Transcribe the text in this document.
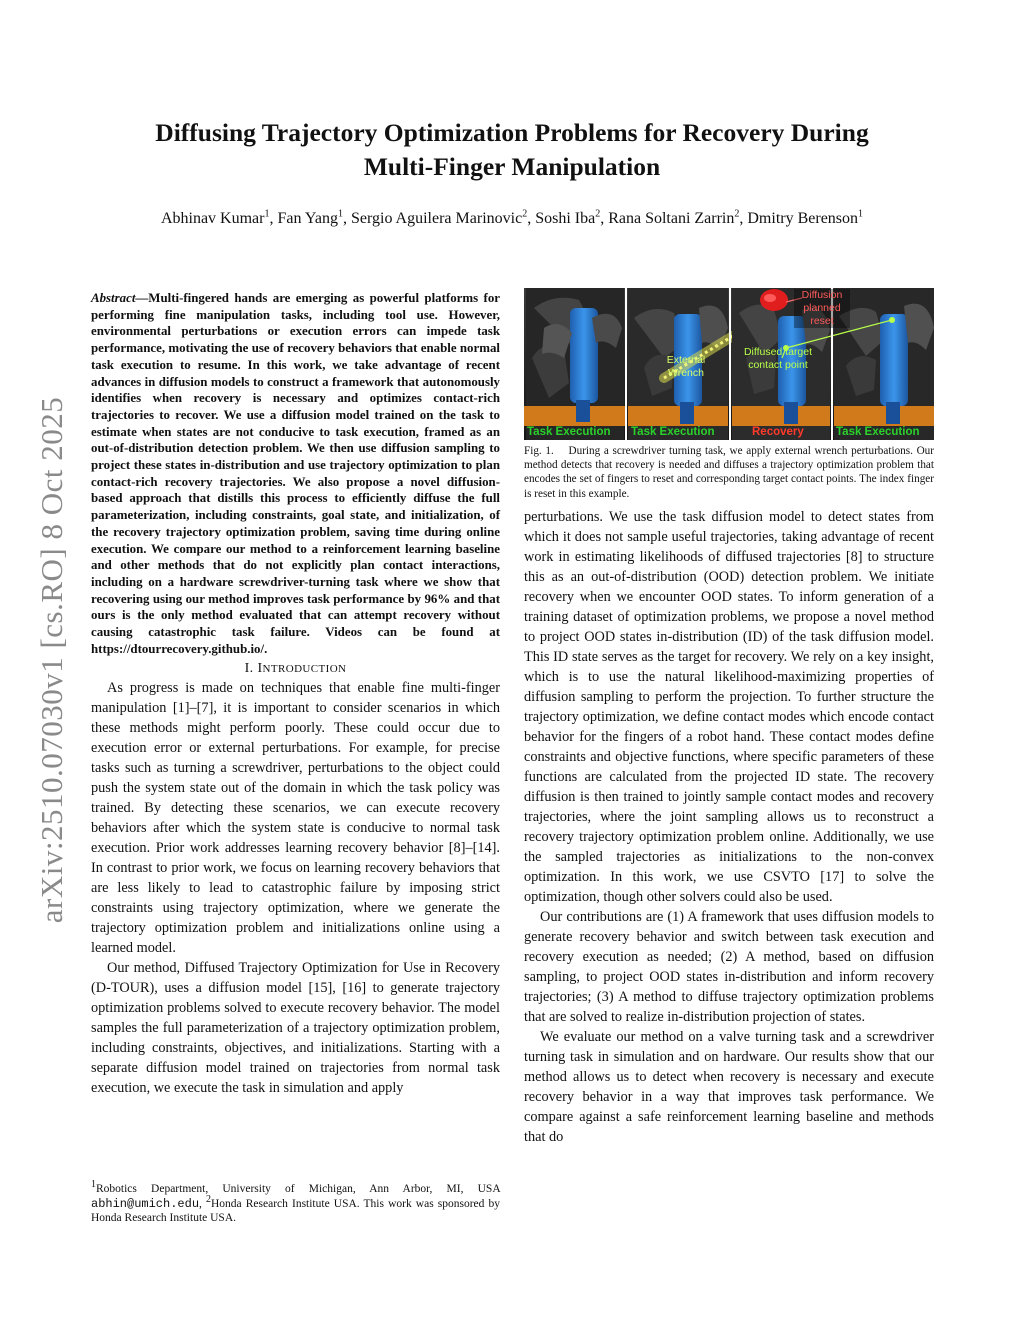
Diffusing Trajectory Optimization Problems for Recovery During
Multi-Finger Manipulation

Abhinav Kumar$^1$, Fan Yang$^1$, Sergio Aguilera Marinovic$^2$, Soshi Iba$^2$, Rana Soltani Zarrin$^2$, Dmitry Berenson$^1$

arXiv:2510.07030v1 [cs.RO] 8 Oct 2025

Abstract—Multi-fingered hands are emerging as powerful platforms for performing fine manipulation tasks, including tool use. However, environmental perturbations or execution errors can impede task performance, motivating the use of recovery behaviors that enable normal task execution to resume. In this work, we take advantage of recent advances in diffusion models to construct a framework that autonomously identifies when recovery is necessary and optimizes contact-rich trajectories to recover. We use a diffusion model trained on the task to estimate when states are not conducive to task execution, framed as an out-of-distribution detection problem. We then use diffusion sampling to project these states in-distribution and use trajectory optimization to plan contact-rich recovery trajectories. We also propose a novel diffusion-based approach that distills this process to efficiently diffuse the full parameterization, including constraints, goal state, and initialization, of the recovery trajectory optimization problem, saving time during online execution. We compare our method to a reinforcement learning baseline and other methods that do not explicitly plan contact interactions, including on a hardware screwdriver-turning task where we show that recovering using our method improves task performance by 96% and that ours is the only method evaluated that can attempt recovery without causing catastrophic task failure. Videos can be found at https://dtourrecovery.github.io/.

I. INTRODUCTION

As progress is made on techniques that enable fine multi-finger manipulation [1]–[7], it is important to consider scenarios in which these methods might perform poorly. These could occur due to execution error or external perturbations. For example, for precise tasks such as turning a screwdriver, perturbations to the object could push the system state out of the domain in which the task policy was trained. By detecting these scenarios, we can execute recovery behaviors after which the system state is conducive to normal task execution. Prior work addresses learning recovery behavior [8]–[14]. In contrast to prior work, we focus on learning recovery behaviors that are less likely to lead to catastrophic failure by imposing strict constraints using trajectory optimization, where we generate the trajectory optimization problem and initializations online using a learned model.

Our method, Diffused Trajectory Optimization for Use in Recovery (D-TOUR), uses a diffusion model [15], [16] to generate trajectory optimization problems solved to execute recovery behavior. The model samples the full parameterization of a trajectory optimization problem, including constraints, objectives, and initializations. Starting with a separate diffusion model trained on trajectories from normal task execution, we execute the task in simulation and apply

$^1$Robotics Department, University of Michigan, Ann Arbor, MI, USA abhin@umich.edu, $^2$Honda Research Institute USA. This work was sponsored by Honda Research Institute USA.
External Wrench
Diffused target contact point
Diffusion planned reset
Task Execution Task Execution	Recovery	Task Execution

Fig. 1. During a screwdriver turning task, we apply external wrench perturbations. Our method detects that recovery is needed and diffuses a trajectory optimization problem that encodes the set of fingers to reset and corresponding target contact points. The index finger is reset in this example.

perturbations. We use the task diffusion model to detect states from which it does not sample useful trajectories, taking advantage of recent work in estimating likelihoods of diffused trajectories [8] to structure this as an out-of-distribution (OOD) detection problem. We initiate recovery when we encounter OOD states. To inform generation of a training dataset of optimization problems, we propose a novel method to project OOD states in-distribution (ID) of the task diffusion model. This ID state serves as the target for recovery. We rely on a key insight, which is to use the natural likelihood-maximizing properties of diffusion sampling to perform the projection. To further structure the trajectory optimization, we define contact modes which encode contact behavior for the fingers of a robot hand. These contact modes define constraints and objective functions, where specific parameters of these functions are calculated from the projected ID state. The recovery diffusion is then trained to jointly sample contact modes and recovery trajectories, where the joint sampling allows us to reconstruct a recovery trajectory optimization problem online. Additionally, we use the sampled trajectories as initializations to the non-convex optimization. In this work, we use CSVTO [17] to solve the optimization, though other solvers could also be used.

Our contributions are (1) A framework that uses diffusion models to generate recovery behavior and switch between task execution and recovery execution as needed; (2) A method, based on diffusion sampling, to project OOD states in-distribution and inform recovery trajectories; (3) A method to diffuse trajectory optimization problems that are solved to realize in-distribution projection of states.

We evaluate our method on a valve turning task and a screwdriver turning task in simulation and on hardware. Our results show that our method allows us to detect when recovery is necessary and execute recovery behavior in a way that improves task performance. We compare against a safe reinforcement learning baseline and methods that do
